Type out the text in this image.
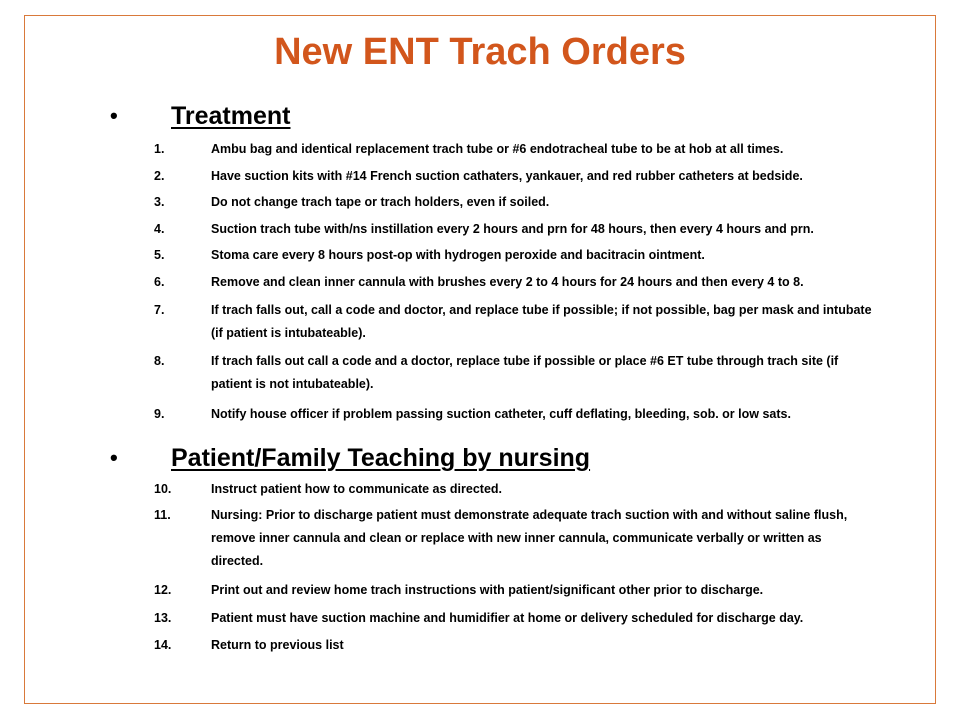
New ENT Trach Orders
• Treatment
1.	Ambu bag and identical replacement trach tube or #6 endotracheal tube to be at hob at all times.
2.	Have suction kits with #14 French suction cathaters, yankauer, and red rubber catheters at bedside.
3.	Do not change trach tape or trach holders, even if soiled.
4.	Suction trach tube with/ns instillation every 2 hours and prn for 48 hours, then every 4 hours and prn.
5.	Stoma care every 8 hours post-op with hydrogen peroxide and bacitracin ointment.
6.	Remove and clean inner cannula with brushes every 2 to 4 hours for 24 hours and then every 4 to 8.
7.	If trach falls out, call a code and doctor, and replace tube if possible; if not possible, bag per mask and intubate (if patient is intubateable).
8.	If trach falls out call a code and a doctor, replace tube if possible or place #6 ET tube through trach site (if patient is not intubateable).
9.	Notify house officer if problem passing suction catheter, cuff deflating, bleeding, sob. or low sats.
• Patient/Family Teaching by nursing
10.	Instruct patient how to communicate as directed.
11.	Nursing: Prior to discharge patient must demonstrate adequate trach suction with and without saline flush, remove inner cannula and clean or replace with new inner cannula, communicate verbally or written as directed.
12.	Print out and review home trach instructions with patient/significant other prior to discharge.
13.	Patient must have suction machine and humidifier at home or delivery scheduled for discharge day.
14.	Return to previous list
